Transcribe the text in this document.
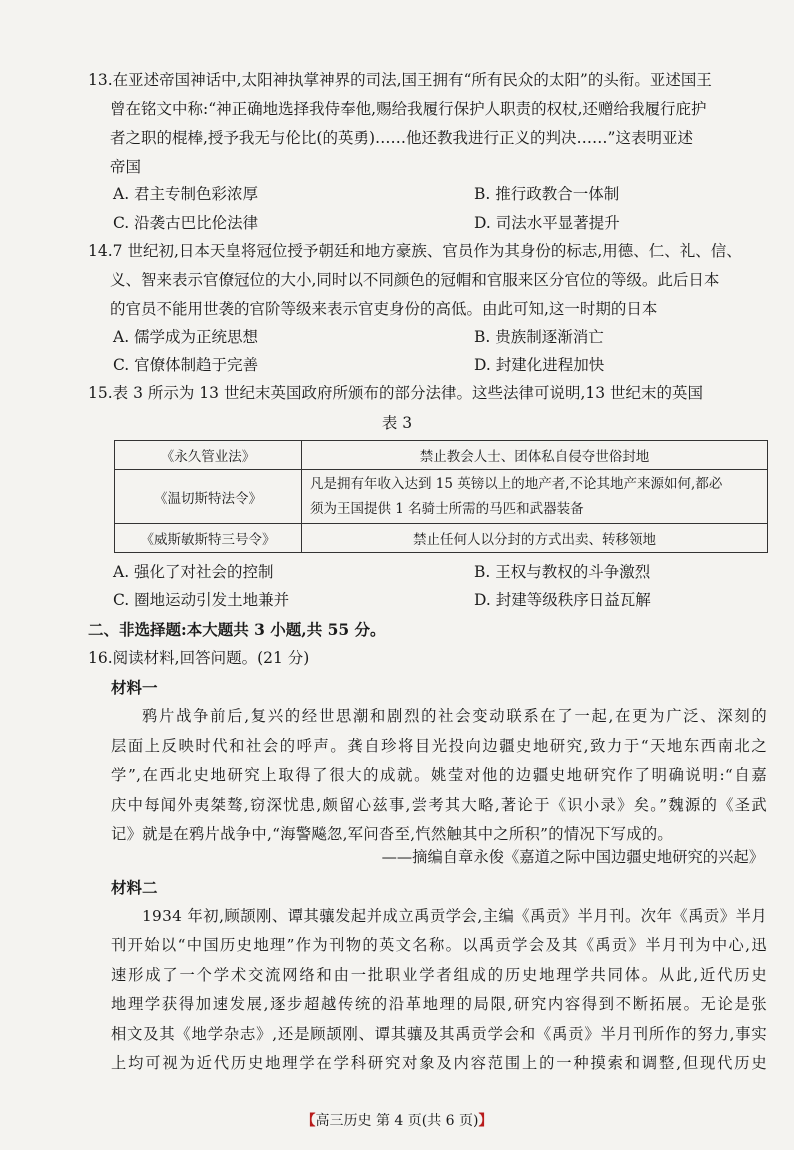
13.在亚述帝国神话中,太阳神执掌神界的司法,国王拥有“所有民众的太阳”的头衔。亚述国王
曾在铭文中称:“神正确地选择我侍奉他,赐给我履行保护人职责的权杖,还赠给我履行庇护
者之职的棍棒,授予我无与伦比(的英勇)……他还教我进行正义的判决……”这表明亚述
帝国
A. 君主专制色彩浓厚	B. 推行政教合一体制
C. 沿袭古巴比伦法律	D. 司法水平显著提升
14.7 世纪初,日本天皇将冠位授予朝廷和地方豪族、官员作为其身份的标志,用德、仁、礼、信、
义、智来表示官僚冠位的大小,同时以不同颜色的冠帽和官服来区分官位的等级。此后日本
的官员不能用世袭的官阶等级来表示官吏身份的高低。由此可知,这一时期的日本
A. 儒学成为正统思想	B. 贵族制逐渐消亡
C. 官僚体制趋于完善	D. 封建化进程加快
15.表 3 所示为 13 世纪末英国政府所颁布的部分法律。这些法律可说明,13 世纪末的英国
表 3
《永久管业法》	禁止教会人士、团体私自侵夺世俗封地
《温切斯特法令》	凡是拥有年收入达到 15 英镑以上的地产者,不论其地产来源如何,都必
须为王国提供 1 名骑士所需的马匹和武器装备

《威斯敏斯特三号令》	禁止任何人以分封的方式出卖、转移领地
A. 强化了对社会的控制	B. 王权与教权的斗争激烈
C. 圈地运动引发土地兼并	D. 封建等级秩序日益瓦解
二、非选择题:本大题共 3 小题,共 55 分。
16.阅读材料,回答问题。(21 分)
材料一
鸦片战争前后,复兴的经世思潮和剧烈的社会变动联系在了一起,在更为广泛、深刻的
层面上反映时代和社会的呼声。龚自珍将目光投向边疆史地研究,致力于“天地东西南北之
学”,在西北史地研究上取得了很大的成就。姚莹对他的边疆史地研究作了明确说明:“自嘉
庆中每闻外夷桀骜,窃深忧患,颇留心兹事,尝考其大略,著论于《识小录》矣。”魏源的《圣武
记》就是在鸦片战争中,“海警飚忽,军问沓至,忾然触其中之所积”的情况下写成的。
——摘编自章永俊《嘉道之际中国边疆史地研究的兴起》
材料二
1934 年初,顾颉刚、谭其骧发起并成立禹贡学会,主编《禹贡》半月刊。次年《禹贡》半月
刊开始以“中国历史地理”作为刊物的英文名称。以禹贡学会及其《禹贡》半月刊为中心,迅
速形成了一个学术交流网络和由一批职业学者组成的历史地理学共同体。从此,近代历史
地理学获得加速发展,逐步超越传统的沿革地理的局限,研究内容得到不断拓展。无论是张
相文及其《地学杂志》,还是顾颉刚、谭其骧及其禹贡学会和《禹贡》半月刊所作的努力,事实
上均可视为近代历史地理学在学科研究对象及内容范围上的一种摸索和调整,但现代历史
【高三历史 第 4 页(共 6 页)】
